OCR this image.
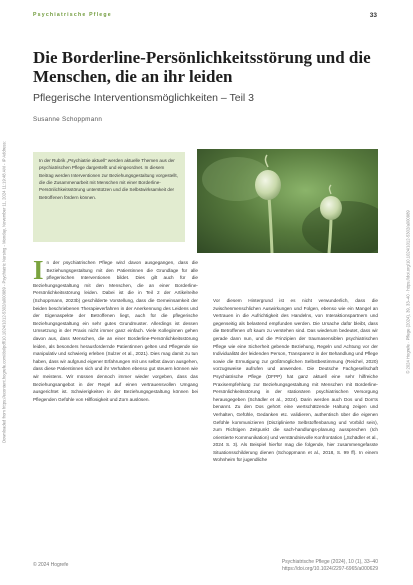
Downloaded from https://econtent.hogrefe.com/doi/pdf/10.1024/1012-5302/a000989 - Psychiatric Nursing - Monday, November 11, 2024 11:19:48 AM - IP Address:	© 2024 Hogrefe · Pflege (2024), 39, 33–40 · https://doi.org/10.1024/1012-5302/a000989
Psychiatrische Pflege	33
Die Borderline-Persönlichkeitsstörung und die Menschen, die an ihr leiden
Pflegerische Interventionsmöglichkeiten – Teil 3
Susanne Schoppmann

In der Rubrik „Psychiatrie aktuell“ werden aktuelle Themen aus der psychiatrischen Pflege dargestellt und eingeordnet. In diesem Beitrag werden Interventionen zur Beziehungsgestaltung vorgestellt, die die Zusammenarbeit mit Menschen mit einer Borderline-Persönlichkeitsstörung unterstützen und die Selbstwirksamkeit der Betroffenen fördern können.

I n der psychiatrischen Pflege wird davon ausgegangen, dass die Beziehungsgestaltung mit den Patientinnen die Grundlage für alle pflegerischen Interventionen bildet. Dies gilt auch für die Beziehungsgestaltung mit den Menschen, die an einer Borderline-Persönlichkeitsstörung leiden. Dabei ist die in Teil 2 der Artikelreihe (Schoppmann, 2023b) geschilderte Vorstellung, dass die Gemeinsamkeit der beiden beschriebenen Therapieverfahren in der Anerkennung des Leidens und der Eigenaspekte der Betroffenen liegt, auch für die pflegerische Beziehungsgestaltung ein sehr gutes Grundmuster. Allerdings ist dessen Umsetzung in der Praxis nicht immer ganz einfach. Viele Kolleginnen gehen davon aus, dass Menschen, die an einer Borderline-Persönlichkeitsstörung leiden, als besonders herausfordernde Patientinnen gelten und Pflegende sie manipulativ und schwierig erleben (Sulzer et al., 2021). Dies mag damit zu tun haben, dass wir aufgrund eigener Erfahrungen mit uns selbst davon ausgehen, dass diese Patientinnen sich und ihr Verhalten ebenso gut steuern können wie wir meistens. Wir müssen dennoch immer wieder vorgeben, dass das Beziehungsangebot in der Regel auf einen vertrauensvollen Umgang ausgerichtet ist. Schwierigkeiten in der Beziehungsgestaltung können bei Pflegenden Gefühle von Hilflosigkeit und Zorn auslösen.

Vor diesem Hintergrund ist es nicht verwunderlich, dass die zwischenmenschlichen Auswirkungen und Folgen, ebenso wie ein Mangel an Vertrauen in die Aufrichtigkeit des Handelns, von Interaktionspartnern und gegenseitig als belastend empfunden werden. Die Ursache dafür bleibt, dass die Betroffenen oft kaum zu verstehen sind. Das wiederum bedeutet, dass wir gerade dann nun, und die Prinzipien der traumasensiblen psychiatrischen Pflege wie eine Sicherheit gebende Beziehung, Regeln und Achtung vor der Individualität der leidenden Person, Transparenz in der Behandlung und Pflege sowie die Ermutigung zur größtmöglichen Selbstbestimmung (Reichel, 2020) vorzugsweise aufrufen und anwenden. Die Deutsche Fachgesellschaft Psychiatrische Pflege (DFPP) hat ganz aktuell eine sehr hilfreiche Praxisempfehlung zur Beziehungsgestaltung mit Menschen mit Borderline-Persönlichkeitsstörung in der stationären psychiatrischen Versorgung herausgegeben (Schädler et al., 2024). Darin werden auch Dos und Don’ts benannt. Zu den Dos gehört eine wertschätzende Haltung zeigen und Verhalten, Gefühle, Gedanken etc. validieren, authentisch über die eigenen Gefühle kommunizieren (Disziplinierte Selbstoffenbarung und Vorbild sein), zum Richtigen Zeitpunkt die sach-handlungs-planung aussprechen (Ich orientierte Kommunikation) und verständnisvolle Konfrontation („Schädler et al., 2024 S. 3). Als Beispiel hierfür mag die folgende, hier zusammengefasste Situationsschilderung dienen (Schoppmann et al., 2018, S. 99 ff). In einem Wohnheim für jugendliche

© 2024 Hogrefe	Psychiatrische Pflege (2024), 10 (1), 33–40
https://doi.org/10.1024/2297-6965/a000629
